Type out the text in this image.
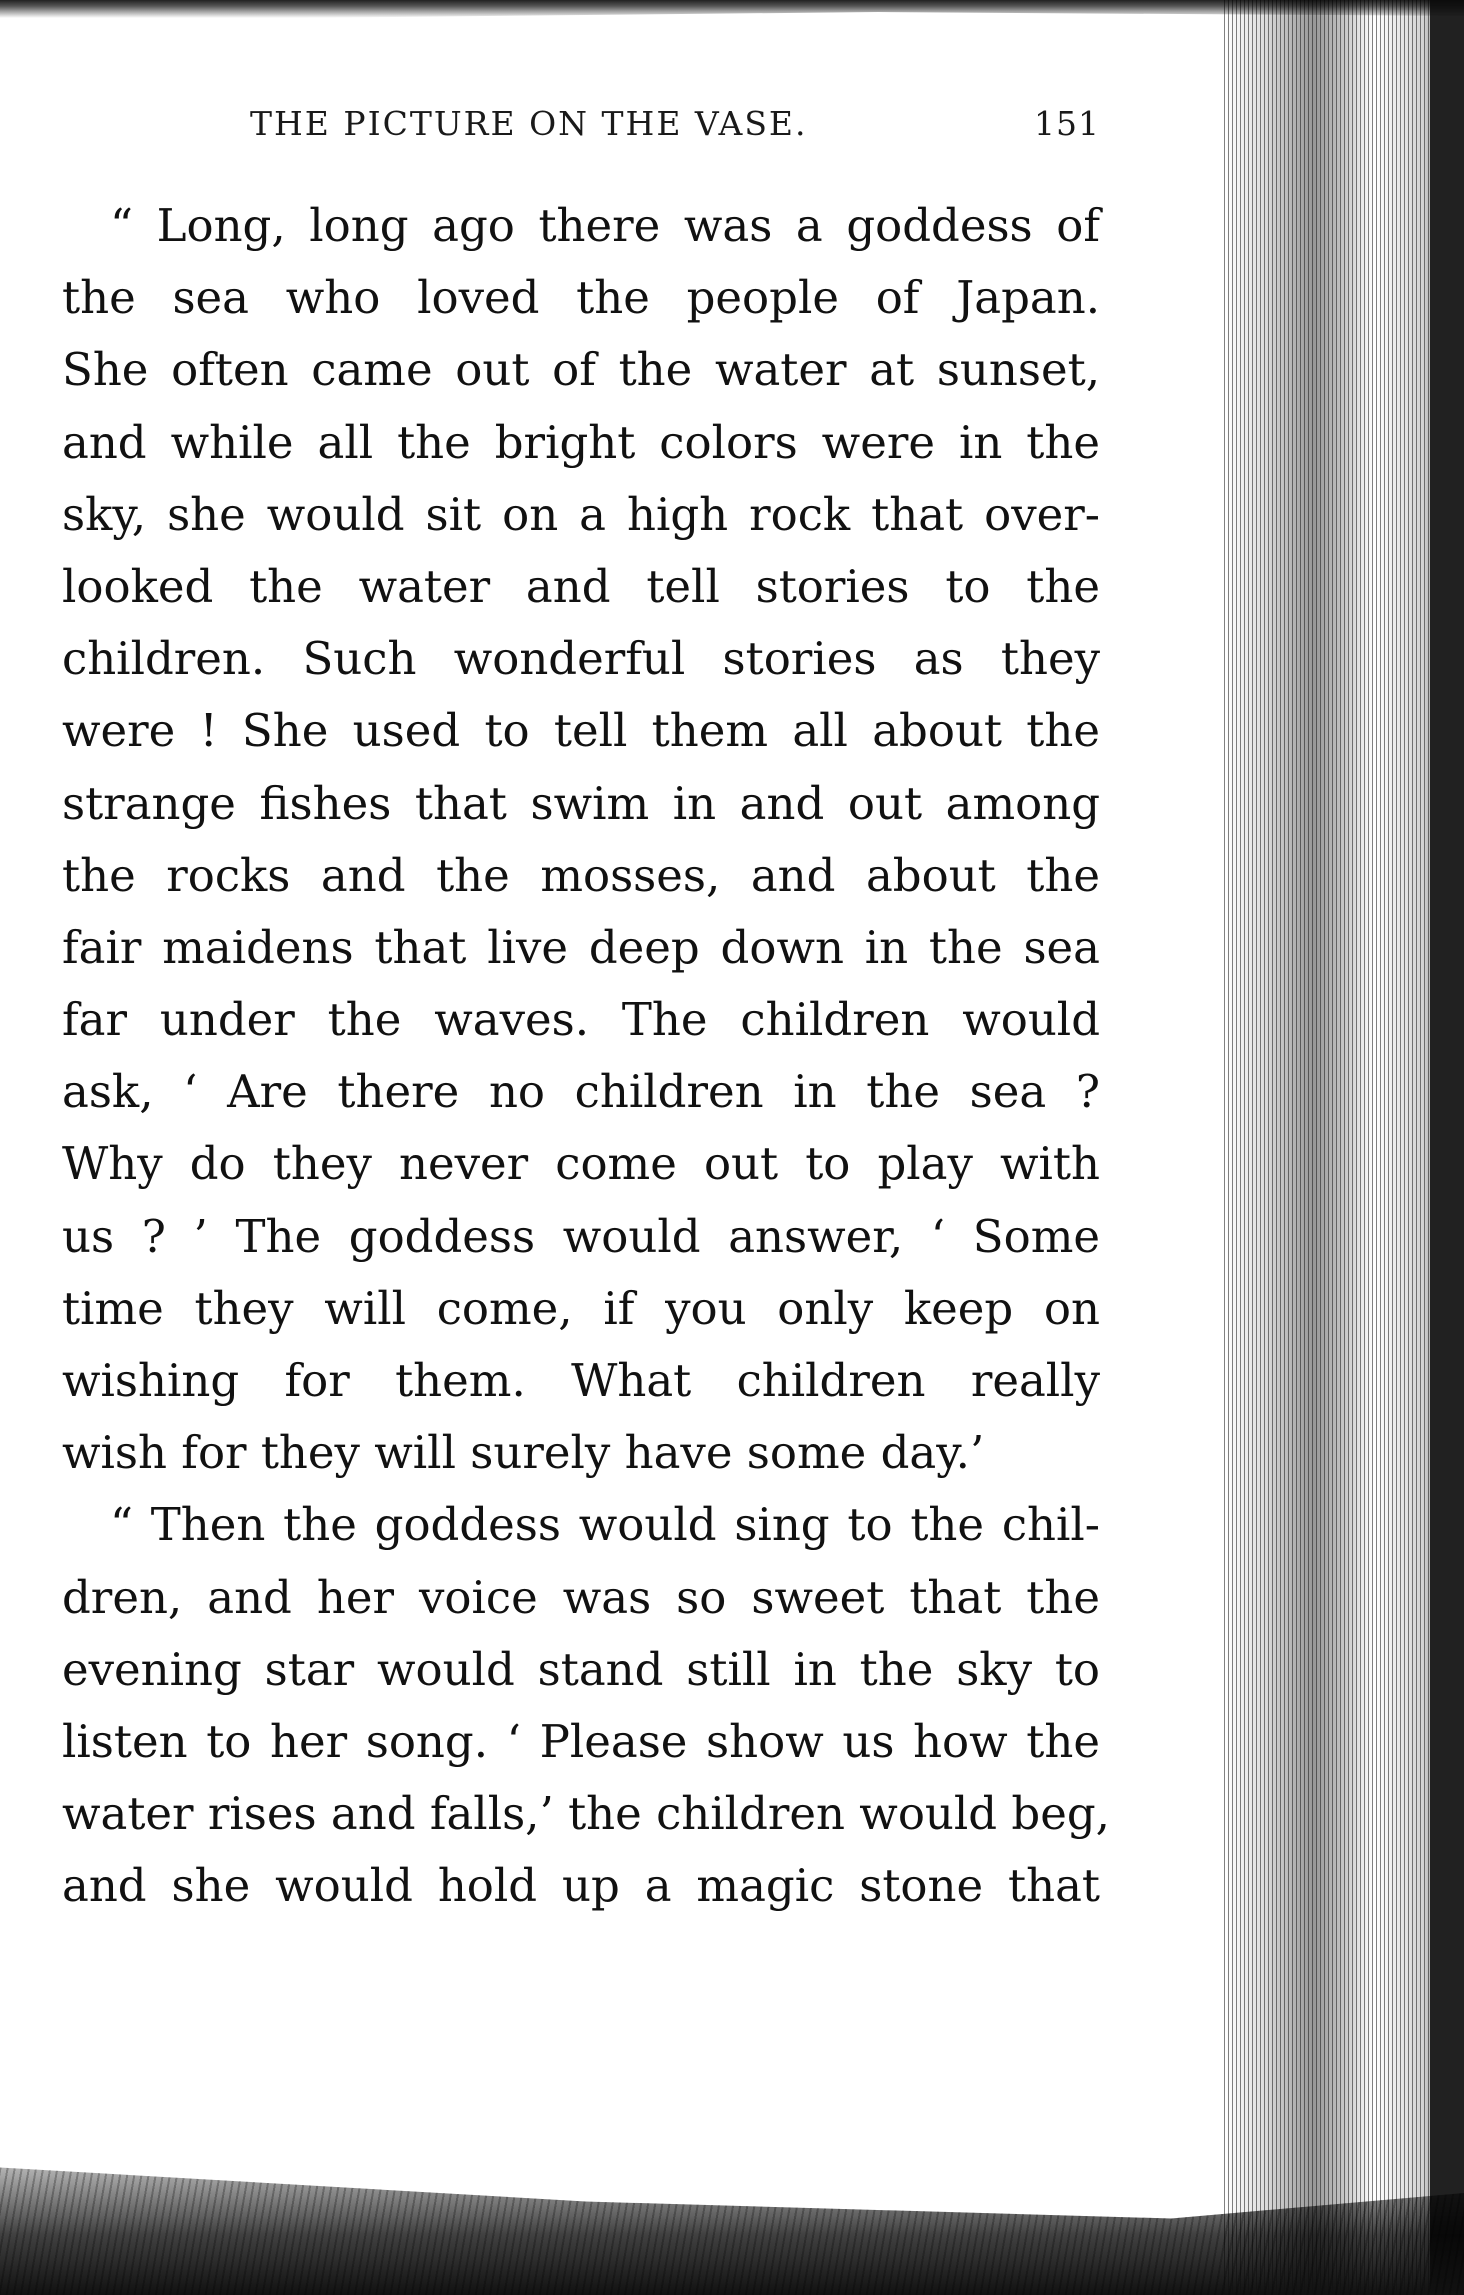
THE PICTURE ON THE VASE.	151
“ Long, long ago there was a goddess of
the sea who loved the people of Japan.
She often came out of the water at sunset,
and while all the bright colors were in the
sky, she would sit on a high rock that over-
looked the water and tell stories to the
children. Such wonderful stories as they
were ! She used to tell them all about the
strange fishes that swim in and out among
the rocks and the mosses, and about the
fair maidens that live deep down in the sea
far under the waves. The children would
ask, ‘ Are there no children in the sea ?
Why do they never come out to play with
us ? ’ The goddess would answer, ‘ Some
time they will come, if you only keep on
wishing for them. What children really
wish for they will surely have some day.’
“ Then the goddess would sing to the chil-
dren, and her voice was so sweet that the
evening star would stand still in the sky to
listen to her song. ‘ Please show us how the
water rises and falls,’ the children would beg,
and she would hold up a magic stone that
